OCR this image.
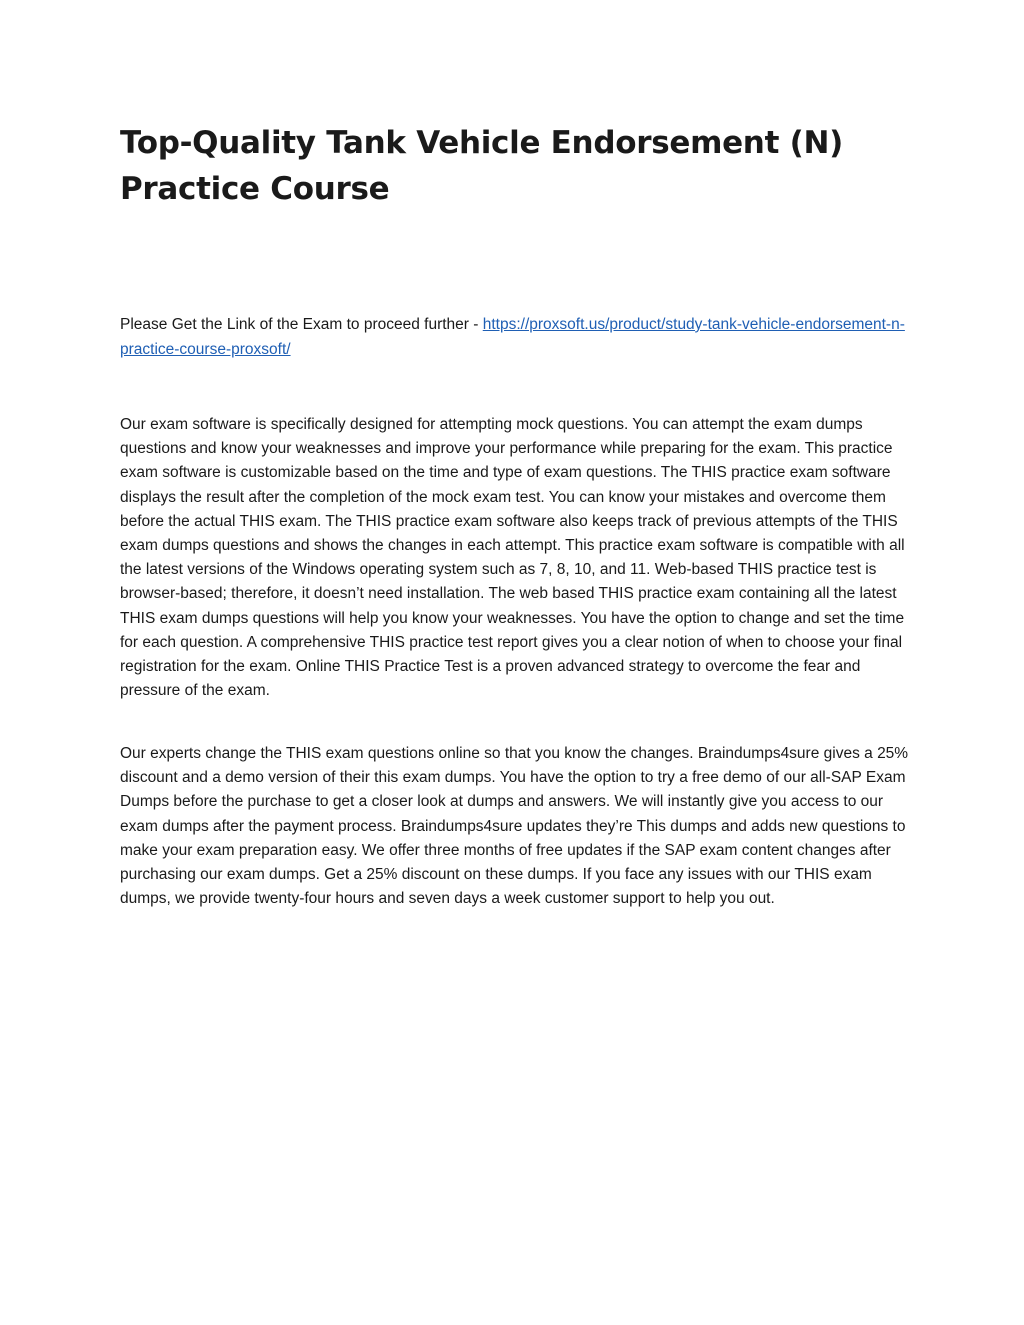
Top-Quality Tank Vehicle Endorsement (N) Practice Course

Please Get the Link of the Exam to proceed further - https://proxsoft.us/product/study-tank-vehicle-endorsement-n-practice-course-proxsoft/

Our exam software is specifically designed for attempting mock questions. You can attempt the exam dumps questions and know your weaknesses and improve your performance while preparing for the exam. This practice exam software is customizable based on the time and type of exam questions. The THIS practice exam software displays the result after the completion of the mock exam test. You can know your mistakes and overcome them before the actual THIS exam. The THIS practice exam software also keeps track of previous attempts of the THIS exam dumps questions and shows the changes in each attempt. This practice exam software is compatible with all the latest versions of the Windows operating system such as 7, 8, 10, and 11. Web-based THIS practice test is browser-based; therefore, it doesn’t need installation. The web based THIS practice exam containing all the latest THIS exam dumps questions will help you know your weaknesses. You have the option to change and set the time for each question. A comprehensive THIS practice test report gives you a clear notion of when to choose your final registration for the exam. Online THIS Practice Test is a proven advanced strategy to overcome the fear and pressure of the exam.

Our experts change the THIS exam questions online so that you know the changes. Braindumps4sure gives a 25% discount and a demo version of their this exam dumps. You have the option to try a free demo of our all-SAP Exam Dumps before the purchase to get a closer look at dumps and answers. We will instantly give you access to our exam dumps after the payment process. Braindumps4sure updates they’re This dumps and adds new questions to make your exam preparation easy. We offer three months of free updates if the SAP exam content changes after purchasing our exam dumps. Get a 25% discount on these dumps. If you face any issues with our THIS exam dumps, we provide twenty-four hours and seven days a week customer support to help you out.
